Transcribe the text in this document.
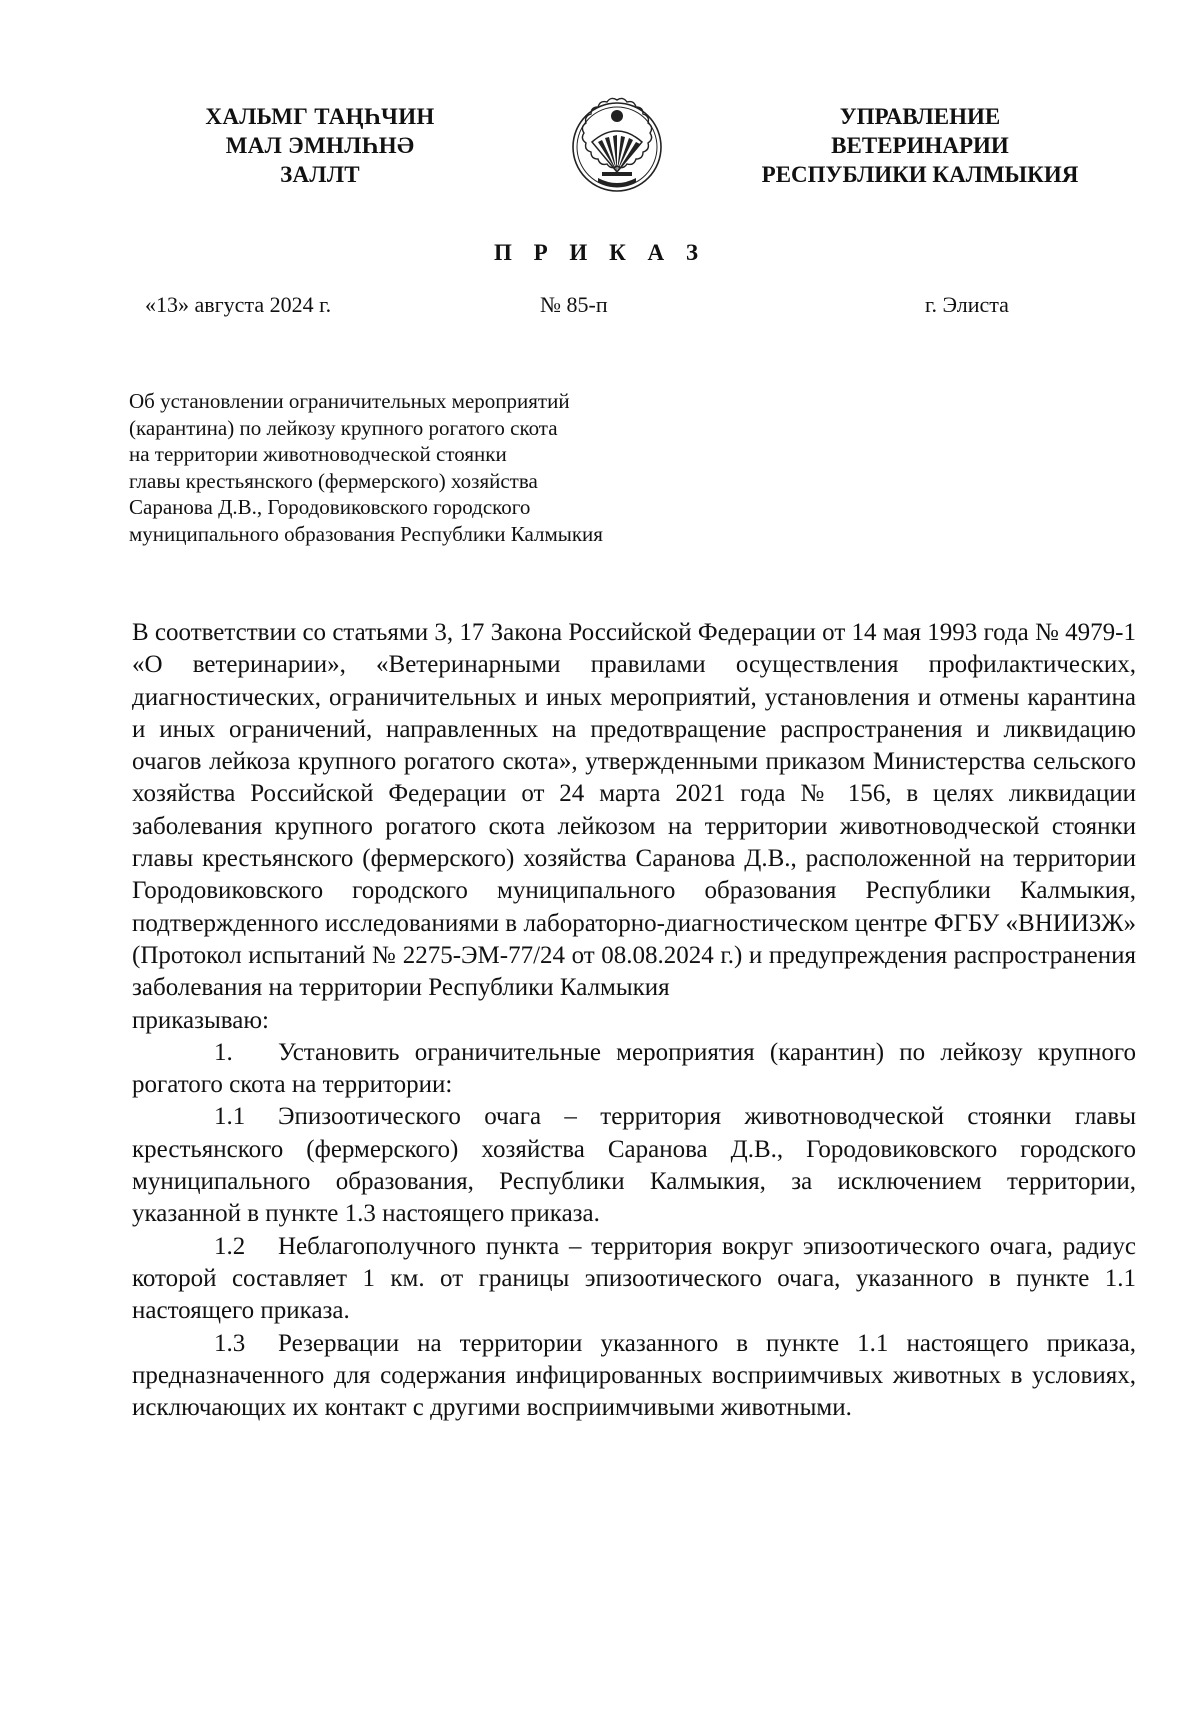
ХАЛЬМГ ТАҢҺЧИН
МАЛ ЭМНЛҺНӘ
ЗАЛЛТ
УПРАВЛЕНИЕ
ВЕТЕРИНАРИИ
РЕСПУБЛИКИ КАЛМЫКИЯ
П Р И К А З
«13» августа 2024 г.	№ 85-п	г. Элиста
Об установлении ограничительных мероприятий
(карантина) по лейкозу крупного рогатого скота
на территории животноводческой стоянки
главы крестьянского (фермерского) хозяйства
Саранова Д.В., Городовиковского городского
муниципального образования Республики Калмыкия

В соответствии со статьями 3, 17 Закона Российской Федерации от 14 мая 1993 года № 4979-1 «О ветеринарии», «Ветеринарными правилами осуществления профилактических, диагностических, ограничительных и иных мероприятий, установления и отмены карантина и иных ограничений, направленных на предотвращение распространения и ликвидацию очагов лейкоза крупного рогатого скота», утвержденными приказом Министерства сельского хозяйства Российской Федерации от 24 марта 2021 года № 156, в целях ликвидации заболевания крупного рогатого скота лейкозом на территории животноводческой стоянки главы крестьянского (фермерского) хозяйства Саранова Д.В., расположенной на территории Городовиковского городского муниципального образования Республики Калмыкия, подтвержденного исследованиями в лабораторно-диагностическом центре ФГБУ «ВНИИЗЖ» (Протокол испытаний № 2275-ЭМ-77/24 от 08.08.2024 г.) и предупреждения распространения заболевания на территории Республики Калмыкия

приказываю:

1. Установить ограничительные мероприятия (карантин) по лейкозу крупного рогатого скота на территории:

1.1 Эпизоотического очага – территория животноводческой стоянки главы крестьянского (фермерского) хозяйства Саранова Д.В., Городовиковского городского муниципального образования, Республики Калмыкия, за исключением территории, указанной в пункте 1.3 настоящего приказа.

1.2 Неблагополучного пункта – территория вокруг эпизоотического очага, радиус которой составляет 1 км. от границы эпизоотического очага, указанного в пункте 1.1 настоящего приказа.

1.3 Резервации на территории указанного в пункте 1.1 настоящего приказа, предназначенного для содержания инфицированных восприимчивых животных в условиях, исключающих их контакт с другими восприимчивыми животными.
